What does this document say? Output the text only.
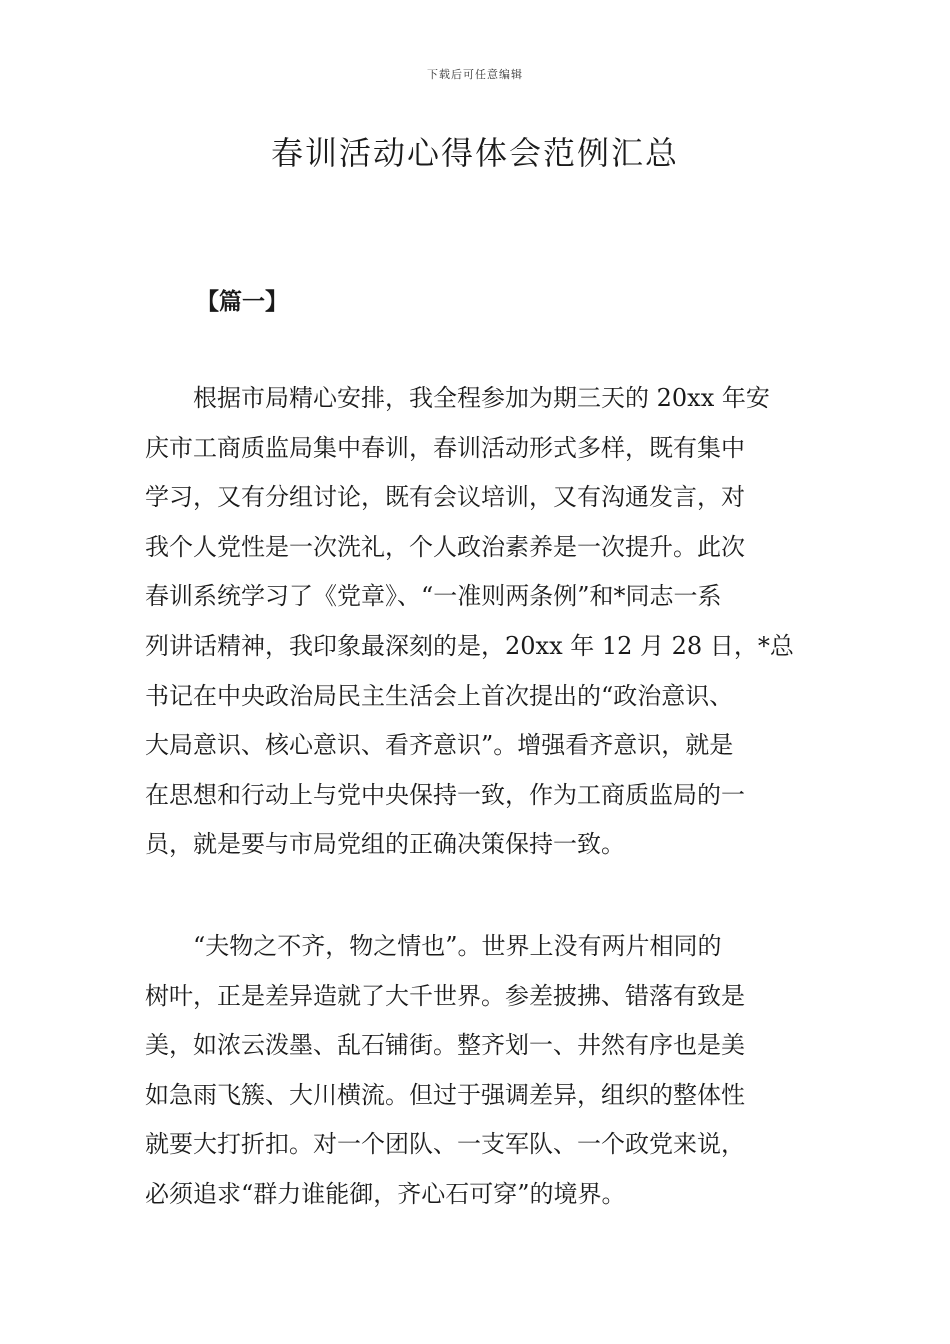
下载后可任意编辑
春训活动心得体会范例汇总
【篇一】

　　根据市局精心安排，我全程参加为期三天的 20xx 年安
庆市工商质监局集中春训，春训活动形式多样，既有集中
学习，又有分组讨论，既有会议培训，又有沟通发言，对
我个人党性是一次洗礼，个人政治素养是一次提升。此次
春训系统学习了《党章》、“一准则两条例”和*同志一系
列讲话精神，我印象最深刻的是，20xx 年 12 月 28 日，*总
书记在中央政治局民主生活会上首次提出的“政治意识、
大局意识、核心意识、看齐意识”。增强看齐意识，就是
在思想和行动上与党中央保持一致，作为工商质监局的一
员，就是要与市局党组的正确决策保持一致。

　　“夫物之不齐，物之情也”。世界上没有两片相同的
树叶，正是差异造就了大千世界。参差披拂、错落有致是
美，如浓云泼墨、乱石铺街。整齐划一、井然有序也是美
如急雨飞簇、大川横流。但过于强调差异，组织的整体性
就要大打折扣。对一个团队、一支军队、一个政党来说，
必须追求“群力谁能御，齐心石可穿”的境界。
